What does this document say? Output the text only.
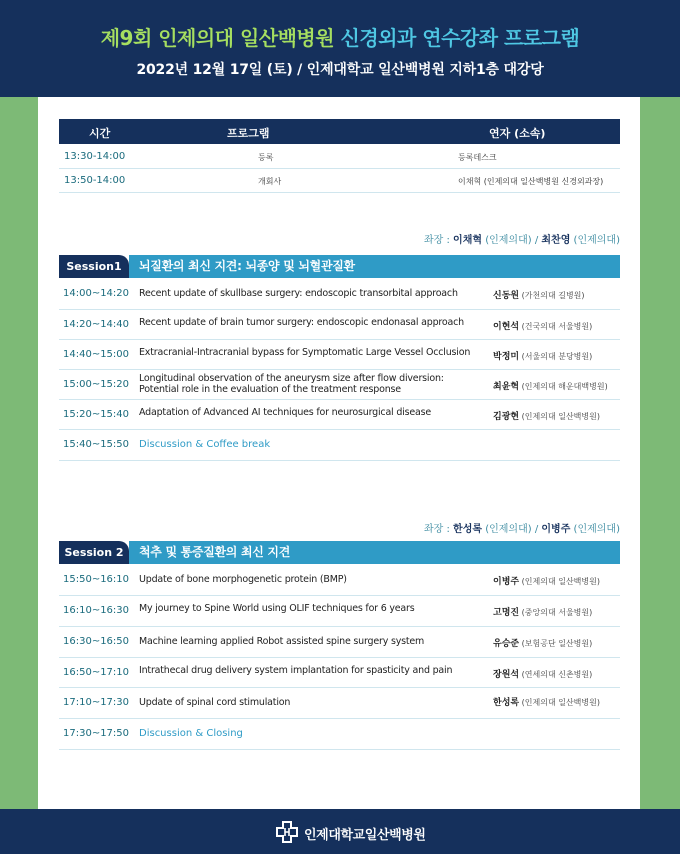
제9회 인제의대 일산백병원 신경외과 연수강좌 프로그램
2022년 12월 17일 (토) / 인제대학교 일산백병원 지하1층 대강당
시간	프로그램	연자 (소속)
13:30-14:00	등록	등록데스크
13:50-14:00	개회사	이채혁 (인제의대 일산백병원 신경외과장)
좌장 : 이채혁 (인제의대) / 최찬영 (인제의대)
Session1	뇌질환의 최신 지견: 뇌종양 및 뇌혈관질환
14:00~14:20 Recent update of skullbase surgery: endoscopic transorbital approach	신동원 (가천의대 길병원)
14:20~14:40 Recent update of brain tumor surgery: endoscopic endonasal approach	이현석 (건국의대 서울병원)
14:40~15:00 Extracranial-Intracranial bypass for Symptomatic Large Vessel Occlusion	박정미 (서울의대 분당병원)
15:00~15:20
Longitudinal observation of the aneurysm size after flow diversion:
Potential role in the evaluation of the treatment response	최윤혁 (인제의대 해운대백병원)
15:20~15:40 Adaptation of Advanced AI techniques for neurosurgical disease	김광현 (인제의대 일산백병원)
15:40~15:50 Discussion & Coffee break
좌장 : 한성록 (인제의대) / 이병주 (인제의대)
Session 2	척추 및 통증질환의 최신 지견
15:50~16:10 Update of bone morphogenetic protein (BMP)	이병주 (인제의대 일산백병원)
16:10~16:30 My journey to Spine World using OLIF techniques for 6 years	고명진 (중앙의대 서울병원)
16:30~16:50 Machine learning applied Robot assisted spine surgery system	유승준 (보험공단 일산병원)
16:50~17:10 Intrathecal drug delivery system implantation for spasticity and pain	장원석 (연세의대 신촌병원)
17:10~17:30 Update of spinal cord stimulation	한성록 (인제의대 일산백병원)
17:30~17:50 Discussion & Closing
인제대학교일산백병원
